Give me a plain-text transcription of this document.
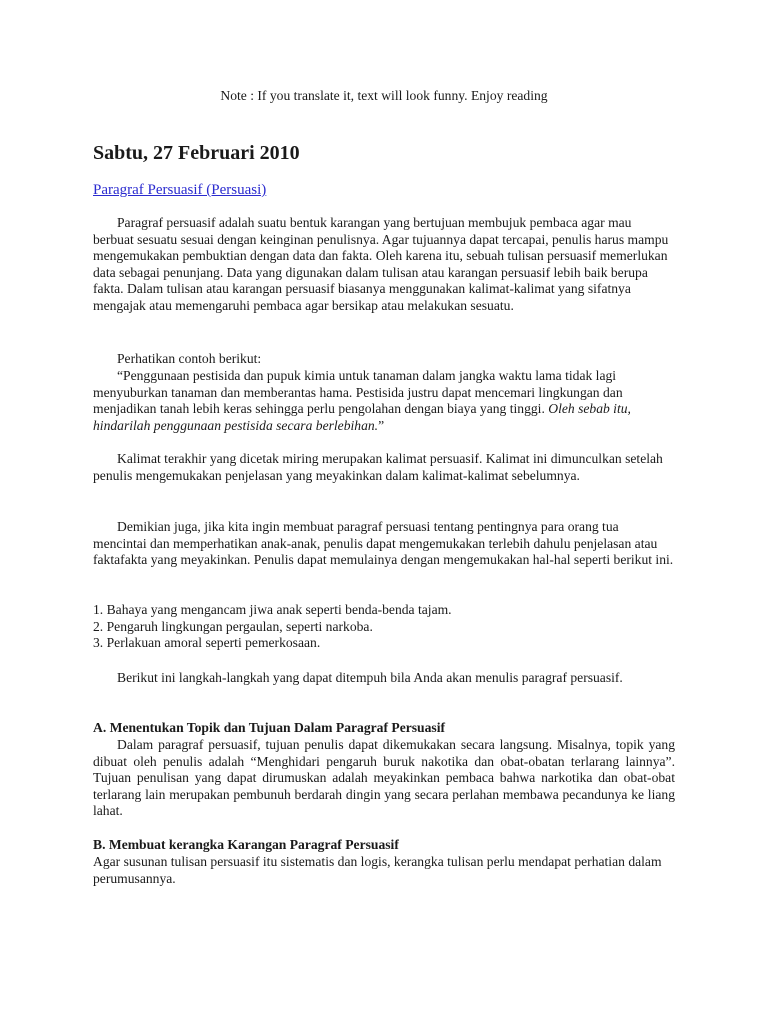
Note : If you translate it, text will look funny. Enjoy reading
Sabtu, 27 Februari 2010
Paragraf Persuasif (Persuasi)

Paragraf persuasif adalah suatu bentuk karangan yang bertujuan membujuk pembaca agar mau berbuat sesuatu sesuai dengan keinginan penulisnya. Agar tujuannya dapat tercapai, penulis harus mampu mengemukakan pembuktian dengan data dan fakta. Oleh karena itu, sebuah tulisan persuasif memerlukan data sebagai penunjang. Data yang digunakan dalam tulisan atau karangan persuasif lebih baik berupa fakta. Dalam tulisan atau karangan persuasif biasanya menggunakan kalimat-kalimat yang sifatnya mengajak atau memengaruhi pembaca agar bersikap atau melakukan sesuatu.

Perhatikan contoh berikut:

“Penggunaan pestisida dan pupuk kimia untuk tanaman dalam jangka waktu lama tidak lagi menyuburkan tanaman dan memberantas hama. Pestisida justru dapat mencemari lingkungan dan menjadikan tanah lebih keras sehingga perlu pengolahan dengan biaya yang tinggi. Oleh sebab itu, hindarilah penggunaan pestisida secara berlebihan.”

Kalimat terakhir yang dicetak miring merupakan kalimat persuasif. Kalimat ini dimunculkan setelah penulis mengemukakan penjelasan yang meyakinkan dalam kalimat-kalimat sebelumnya.

Demikian juga, jika kita ingin membuat paragraf persuasi tentang pentingnya para orang tua mencintai dan memperhatikan anak-anak, penulis dapat mengemukakan terlebih dahulu penjelasan atau faktafakta yang meyakinkan. Penulis dapat memulainya dengan mengemukakan hal-hal seperti berikut ini.

1. Bahaya yang mengancam jiwa anak seperti benda-benda tajam.
2. Pengaruh lingkungan pergaulan, seperti narkoba.
3. Perlakuan amoral seperti pemerkosaan.

Berikut ini langkah-langkah yang dapat ditempuh bila Anda akan menulis paragraf persuasif.

A. Menentukan Topik dan Tujuan Dalam Paragraf Persuasif

Dalam paragraf persuasif, tujuan penulis dapat dikemukakan secara langsung. Misalnya, topik yang dibuat oleh penulis adalah “Menghidari pengaruh buruk nakotika dan obat-obatan terlarang lainnya”. Tujuan penulisan yang dapat dirumuskan adalah meyakinkan pembaca bahwa narkotika dan obat-obat terlarang lain merupakan pembunuh berdarah dingin yang secara perlahan membawa pecandunya ke liang lahat.

B. Membuat kerangka Karangan Paragraf Persuasif

Agar susunan tulisan persuasif itu sistematis dan logis, kerangka tulisan perlu mendapat perhatian dalam perumusannya.
